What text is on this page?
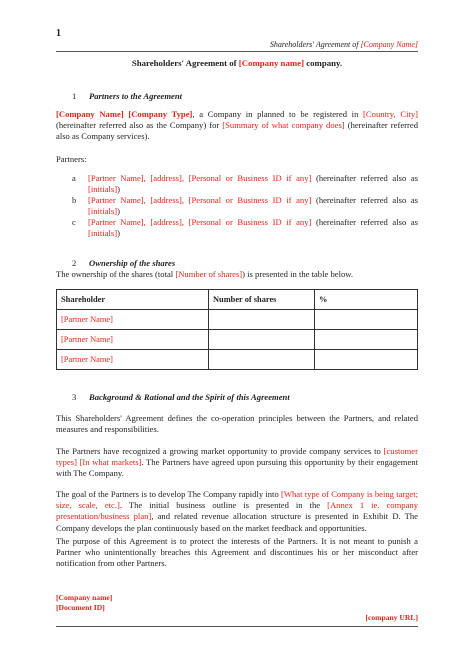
1
Shareholders' Agreement of [Company Name]
Shareholders' Agreement of [Company name] company.
1 Partners to the Agreement
[Company Name] [Company Type], a Company in planned to be registered in [Country, City] (hereinafter referred also as the Company) for [Summary of what company does] (hereinafter referred also as Company services).
Partners:
a [Partner Name], [address], [Personal or Business ID if any] (hereinafter referred also as [initials])
b [Partner Name], [address], [Personal or Business ID if any] (hereinafter referred also as [initials])
c [Partner Name], [address], [Personal or Business ID if any] (hereinafter referred also as [initials])
2 Ownership of the shares
The ownership of the shares (total [Number of shares]) is presented in the table below.
Shareholder	Number of shares	%
[Partner Name]		
[Partner Name]		
[Partner Name]		
3 Background & Rational and the Spirit of this Agreement
This Shareholders' Agreement defines the co-operation principles between the Partners, and related measures and responsibilities.
The Partners have recognized a growing market opportunity to provide company services to [customer types] [In what markets]. The Partners have agreed upon pursuing this opportunity by their engagement with The Company.
The goal of the Partners is to develop The Company rapidly into [What type of Company is being target; size, scale, etc.]. The initial business outline is presented in the [Annex 1 ie. company presentation/business plan], and related revenue allocation structure is presented in Exhibit D. The Company develops the plan continuously based on the market feedback and opportunities.
The purpose of this Agreement is to protect the interests of the Partners. It is not meant to punish a Partner who unintentionally breaches this Agreement and discontinues his or her misconduct after notification from other Partners.
[Company name]
[Document ID]
[company URL]
